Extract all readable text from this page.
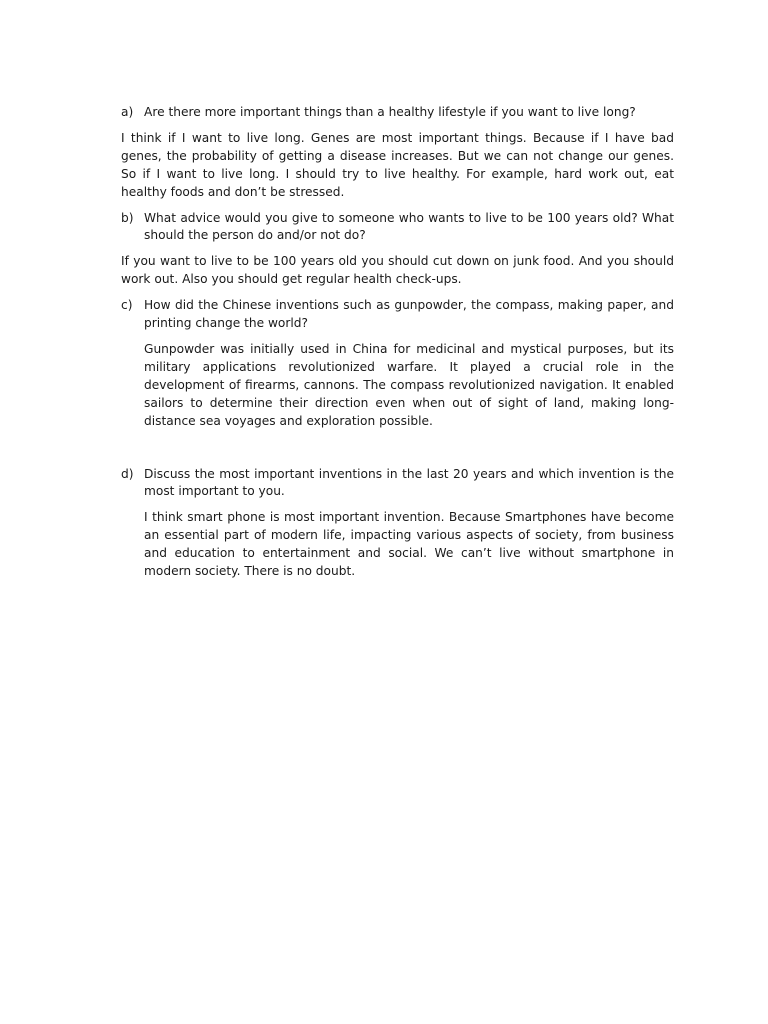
a) Are there more important things than a healthy lifestyle if you want to live long?

I think if I want to live long. Genes are most important things. Because if I have bad genes, the probability of getting a disease increases. But we can not change our genes. So if I want to live long. I should try to live healthy. For example, hard work out, eat healthy foods and don’t be stressed.

b) What advice would you give to someone who wants to live to be 100 years old? What should the person do and/or not do?

If you want to live to be 100 years old you should cut down on junk food. And you should work out. Also you should get regular health check-ups.

c) How did the Chinese inventions such as gunpowder, the compass, making paper, and printing change the world?

Gunpowder was initially used in China for medicinal and mystical purposes, but its military applications revolutionized warfare. It played a crucial role in the development of firearms, cannons. The compass revolutionized navigation. It enabled sailors to determine their direction even when out of sight of land, making long-distance sea voyages and exploration possible.

d) Discuss the most important inventions in the last 20 years and which invention is the most important to you.

I think smart phone is most important invention. Because Smartphones have become an essential part of modern life, impacting various aspects of society, from business and education to entertainment and social. We can’t live without smartphone in modern society. There is no doubt.
